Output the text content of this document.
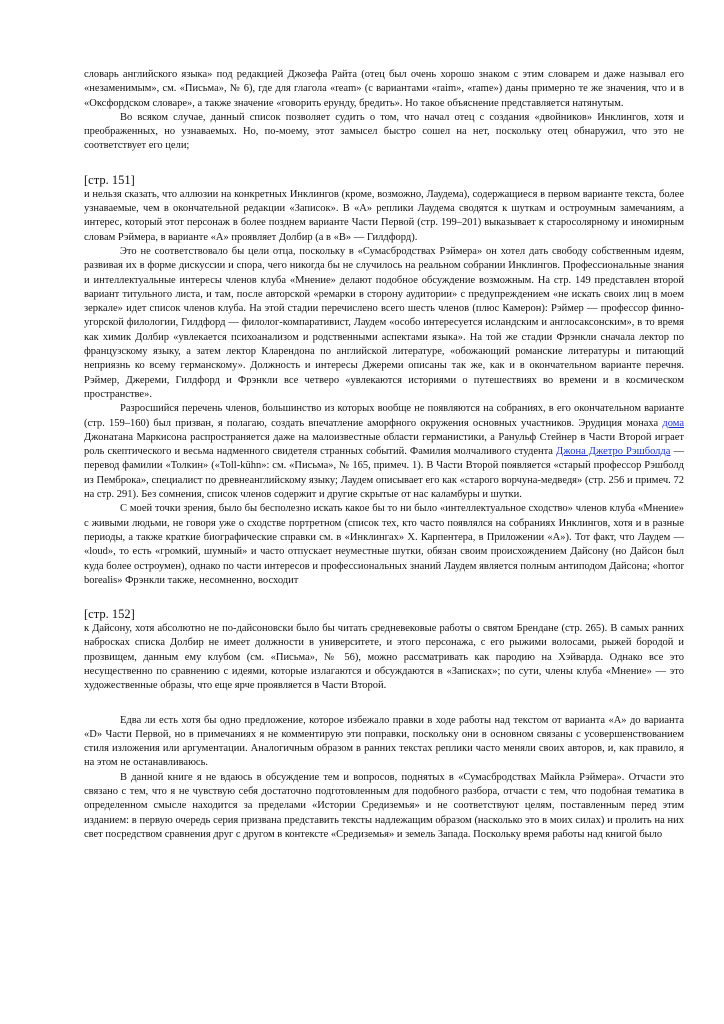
словарь английского языка» под редакцией Джозефа Райта (отец был очень хорошо знаком с этим словарем и даже называл его «незаменимым», см. «Письма», № 6), где для глагола «ream» (с вариантами «raim», «rame») даны примерно те же значения, что и в «Оксфордском словаре», а также значение «говорить ерунду, бредить». Но такое объяснение представляется натянутым.

Во всяком случае, данный список позволяет судить о том, что начал отец с создания «двойников» Инклингов, хотя и преображенных, но узнаваемых. Но, по-моему, этот замысел быстро сошел на нет, поскольку отец обнаружил, что это не соответствует его цели;

[стр. 151]

и нельзя сказать, что аллюзии на конкретных Инклингов (кроме, возможно, Лаудема), содержащиеся в первом варианте текста, более узнаваемые, чем в окончательной редакции «Записок». В «А» реплики Лаудема сводятся к шуткам и остроумным замечаниям, а интерес, который этот персонаж в более позднем варианте Части Первой (стр. 199–201) выказывает к старосолярному и иномирным словам Рэймера, в варианте «А» проявляет Долбир (а в «В» — Гилдфорд).

Это не соответствовало бы цели отца, поскольку в «Сумасбродствах Рэймера» он хотел дать свободу собственным идеям, развивая их в форме дискуссии и спора, чего никогда бы не случилось на реальном собрании Инклингов. Профессиональные знания и интеллектуальные интересы членов клуба «Мнение» делают подобное обсуждение возможным. На стр. 149 представлен второй вариант титульного листа, и там, после авторской «ремарки в сторону аудитории» с предупреждением «не искать своих лиц в моем зеркале» идет список членов клуба. На этой стадии перечислено всего шесть членов (плюс Камерон): Рэймер — профессор финно-угорской филологии, Гилдфорд — филолог-компаративист, Лаудем «особо интересуется исландским и англосаксонским», в то время как химик Долбир «увлекается психоанализом и родственными аспектами языка». На той же стадии Фрэнкли сначала лектор по французскому языку, а затем лектор Кларендона по английской литературе, «обожающий романские литературы и питающий неприязнь ко всему германскому». Должность и интересы Джереми описаны так же, как и в окончательном варианте перечня. Рэймер, Джереми, Гилдфорд и Фрэнкли все четверо «увлекаются историями о путешествиях во времени и в космическом пространстве».

Разросшийся перечень членов, большинство из которых вообще не появляются на собраниях, в его окончательном варианте (стр. 159–160) был призван, я полагаю, создать впечатление аморфного окружения основных участников. Эрудиция монаха дома Джонатана Маркисона распространяется даже на малоизвестные области германистики, а Ранульф Стейнер в Части Второй играет роль скептического и весьма надменного свидетеля странных событий. Фамилия молчаливого студента Джона Джетро Рэшболда — перевод фамилии «Толкин» («Toll-kühn»: см. «Письма», № 165, примеч. 1). В Части Второй появляется «старый профессор Рэшболд из Пемброка», специалист по древнеанглийскому языку; Лаудем описывает его как «старого ворчуна-медведя» (стр. 256 и примеч. 72 на стр. 291). Без сомнения, список членов содержит и другие скрытые от нас каламбуры и шутки.

С моей точки зрения, было бы бесполезно искать какое бы то ни было «интеллектуальное сходство» членов клуба «Мнение» с живыми людьми, не говоря уже о сходстве портретном (список тех, кто часто появлялся на собраниях Инклингов, хотя и в разные периоды, а также краткие биографические справки см. в «Инклингах» Х. Карпентера, в Приложении «А»). Тот факт, что Лаудем — «loud», то есть «громкий, шумный» и часто отпускает неуместные шутки, обязан своим происхождением Дайсону (но Дайсон был куда более остроумен), однако по части интересов и профессиональных знаний Лаудем является полным антиподом Дайсона; «horror borealis» Фрэнкли также, несомненно, восходит

[стр. 152]

к Дайсону, хотя абсолютно не по-дайсоновски было бы читать средневековые работы о святом Брендане (стр. 265). В самых ранних набросках списка Долбир не имеет должности в университете, и этого персонажа, с его рыжими волосами, рыжей бородой и прозвищем, данным ему клубом (см. «Письма», № 56), можно рассматривать как пародию на Хэйварда. Однако все это несущественно по сравнению с идеями, которые излагаются и обсуждаются в «Записках»; по сути, члены клуба «Мнение» — это художественные образы, что еще ярче проявляется в Части Второй.

Едва ли есть хотя бы одно предложение, которое избежало правки в ходе работы над текстом от варианта «А» до варианта «D» Части Первой, но в примечаниях я не комментирую эти поправки, поскольку они в основном связаны с усовершенствованием стиля изложения или аргументации. Аналогичным образом в ранних текстах реплики часто меняли своих авторов, и, как правило, я на этом не останавливаюсь.

В данной книге я не вдаюсь в обсуждение тем и вопросов, поднятых в «Сумасбродствах Майкла Рэймера». Отчасти это связано с тем, что я не чувствую себя достаточно подготовленным для подобного разбора, отчасти с тем, что подобная тематика в определенном смысле находится за пределами «Истории Средиземья» и не соответствуют целям, поставленным перед этим изданием: в первую очередь серия призвана представить тексты надлежащим образом (насколько это в моих силах) и пролить на них свет посредством сравнения друг с другом в контексте «Средиземья» и земель Запада. Поскольку время работы над книгой было
